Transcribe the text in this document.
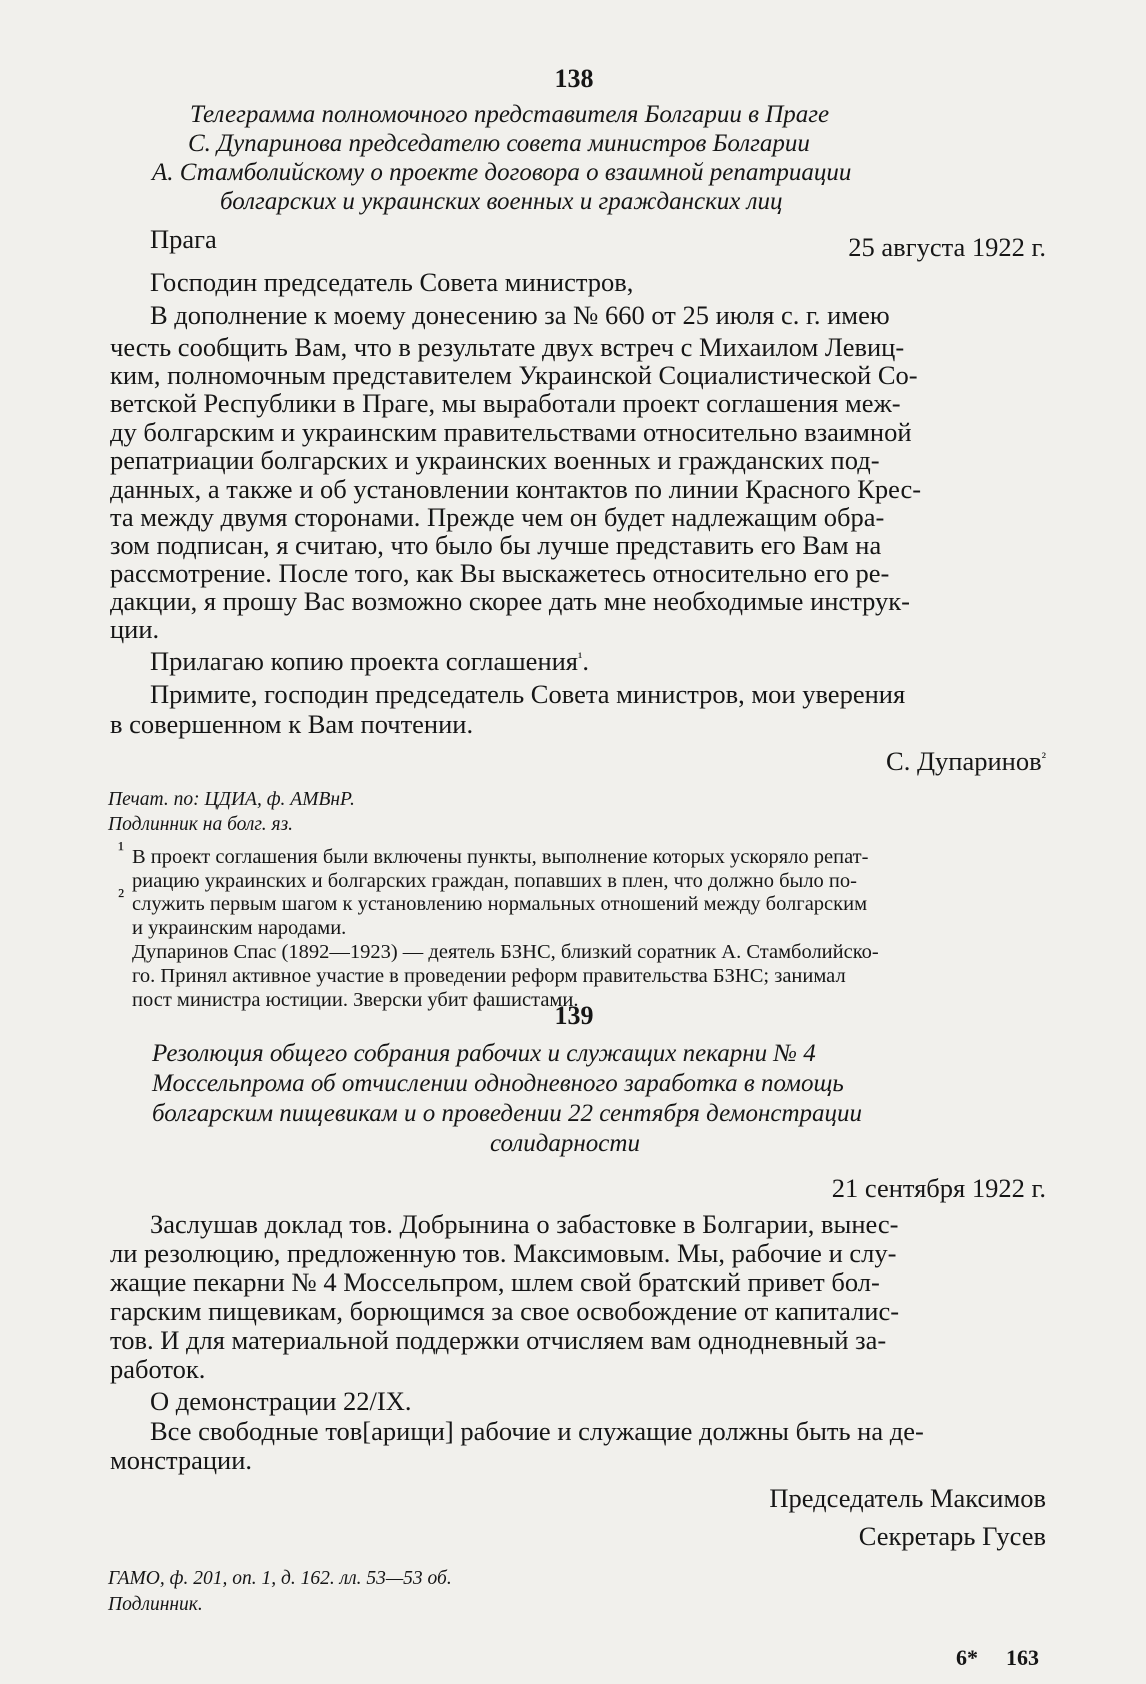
138
Телеграмма полномочного представителя Болгарии в Праге
С. Дупаринова председателю совета министров Болгарии
А. Стамболийскому о проекте договора о взаимной репатриации
болгарских и украинских военных и гражданских лиц
Прага	25 августа 1922 г.
Господин председатель Совета министров,
В дополнение к моему донесению за № 660 от 25 июля с. г. имею
честь сообщить Вам, что в результате двух встреч с Михаилом Левиц-
ким, полномочным представителем Украинской Социалистической Со-
ветской Республики в Праге, мы выработали проект соглашения меж-
ду болгарским и украинским правительствами относительно взаимной
репатриации болгарских и украинских военных и гражданских под-
данных, а также и об установлении контактов по линии Красного Крес-
та между двумя сторонами. Прежде чем он будет надлежащим обра-
зом подписан, я считаю, что было бы лучше представить его Вам на
рассмотрение. После того, как Вы выскажетесь относительно его ре-
дакции, я прошу Вас возможно скорее дать мне необходимые инструк-
ции.
Прилагаю копию проекта соглашения$^{^1}$.
Примите, господин председатель Совета министров, мои уверения
в совершенном к Вам почтении.
С. Дупаринов$^{^2}$
Печат. по: ЦДИА, ф. АМВнР.
Подлинник на болг. яз.
¹ В проект соглашения были включены пункты, выполнение которых ускоряло репат-
риацию украинских и болгарских граждан, попавших в плен, что должно было по-
служить первым шагом к установлению нормальных отношений между болгарским
и украинским народами.
²
Дупаринов Спас (1892—1923) — деятель БЗНС, близкий соратник А. Стамболийско-
го. Принял активное участие в проведении реформ правительства БЗНС; занимал
пост министра юстиции. Зверски убит фашистами.
139
Резолюция общего собрания рабочих и служащих пекарни № 4
Моссельпрома об отчислении однодневного заработка в помощь
болгарским пищевикам и о проведении 22 сентября демонстрации
солидарности
21 сентября 1922 г.
Заслушав доклад тов. Добрынина о забастовке в Болгарии, вынес-
ли резолюцию, предложенную тов. Максимовым. Мы, рабочие и слу-
жащие пекарни № 4 Моссельпром, шлем свой братский привет бол-
гарским пищевикам, борющимся за свое освобождение от капиталис-
тов. И для материальной поддержки отчисляем вам однодневный за-
работок.
О демонстрации 22/IX.
Все свободные тов[арищи] рабочие и служащие должны быть на де-
монстрации.
Председатель Максимов
Секретарь Гусев
ГАМО, ф. 201, оп. 1, д. 162. лл. 53—53 об.
Подлинник.
6* 163
